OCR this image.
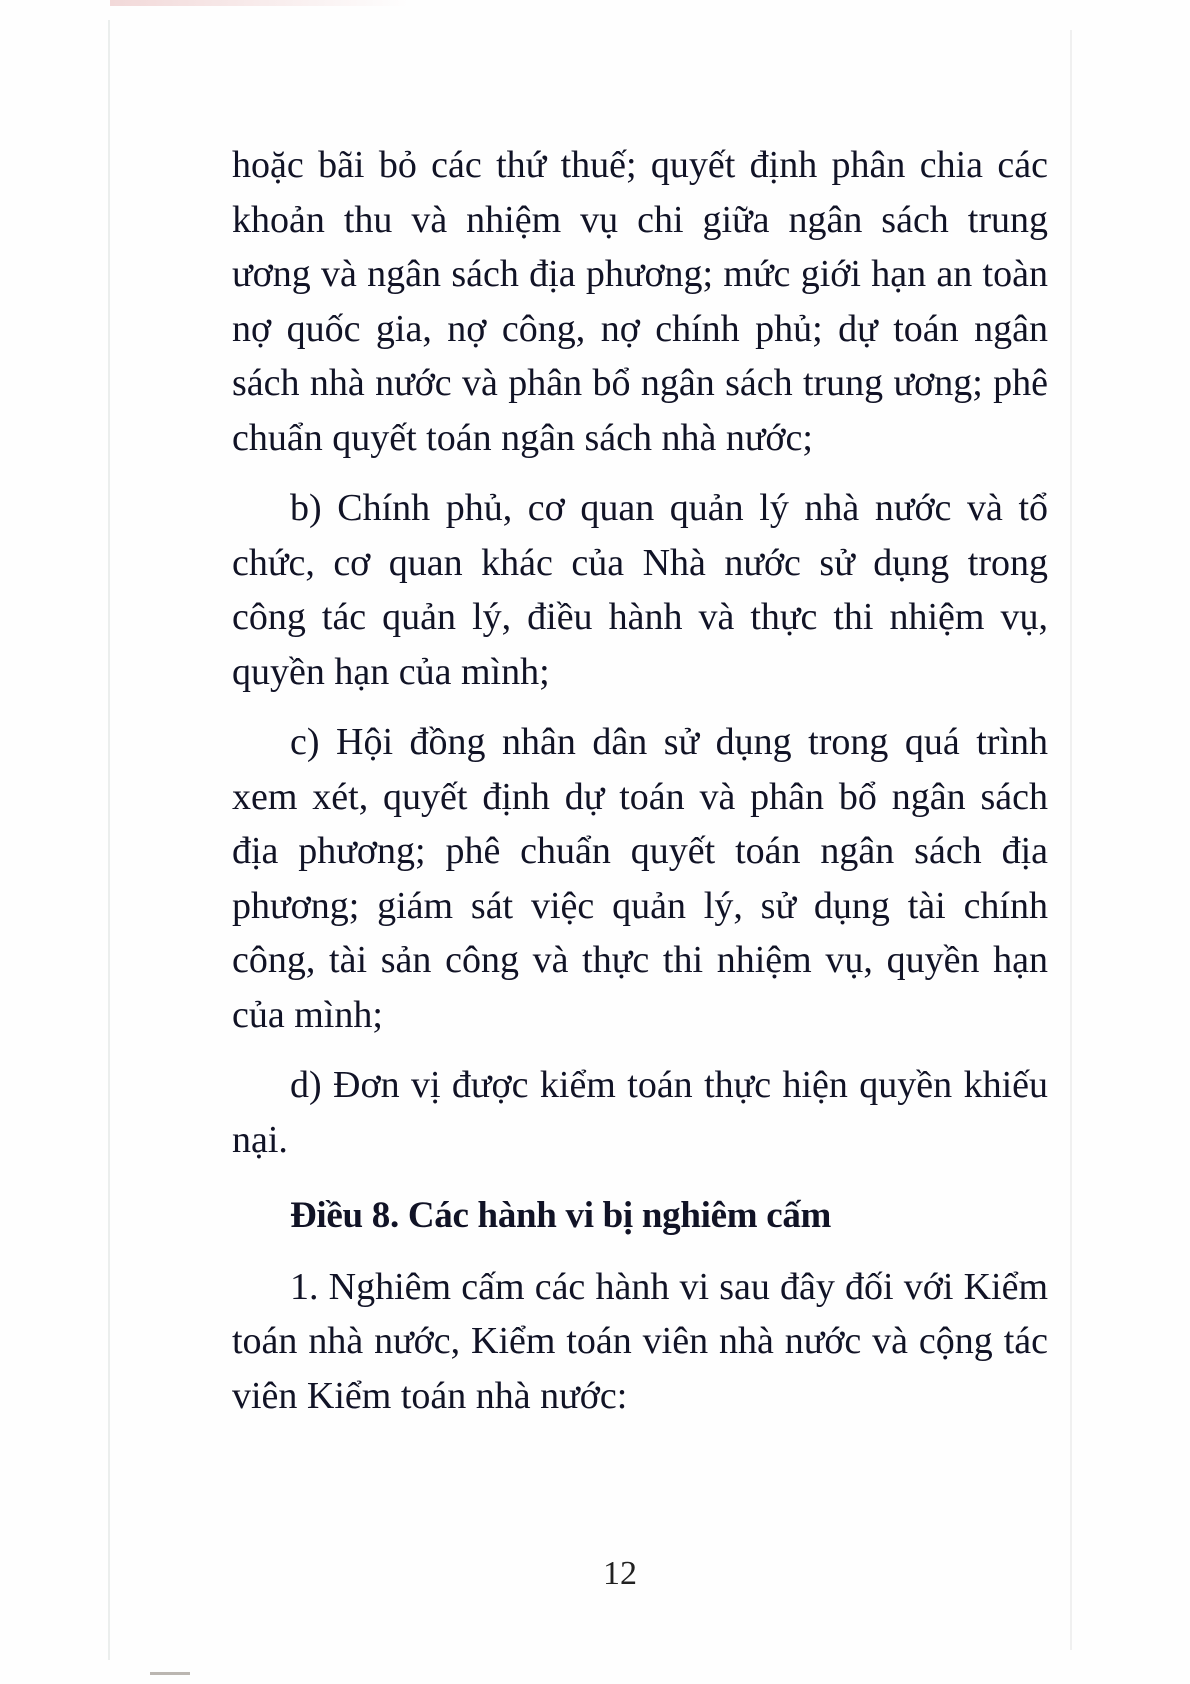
hoặc bãi bỏ các thứ thuế; quyết định phân chia các khoản thu và nhiệm vụ chi giữa ngân sách trung ương và ngân sách địa phương; mức giới hạn an toàn nợ quốc gia, nợ công, nợ chính phủ; dự toán ngân sách nhà nước và phân bổ ngân sách trung ương; phê chuẩn quyết toán ngân sách nhà nước;

b) Chính phủ, cơ quan quản lý nhà nước và tổ chức, cơ quan khác của Nhà nước sử dụng trong công tác quản lý, điều hành và thực thi nhiệm vụ, quyền hạn của mình;

c) Hội đồng nhân dân sử dụng trong quá trình xem xét, quyết định dự toán và phân bổ ngân sách địa phương; phê chuẩn quyết toán ngân sách địa phương; giám sát việc quản lý, sử dụng tài chính công, tài sản công và thực thi nhiệm vụ, quyền hạn của mình;

d) Đơn vị được kiểm toán thực hiện quyền khiếu nại.

Điều 8. Các hành vi bị nghiêm cấm

1. Nghiêm cấm các hành vi sau đây đối với Kiểm toán nhà nước, Kiểm toán viên nhà nước và cộng tác viên Kiểm toán nhà nước:

12
